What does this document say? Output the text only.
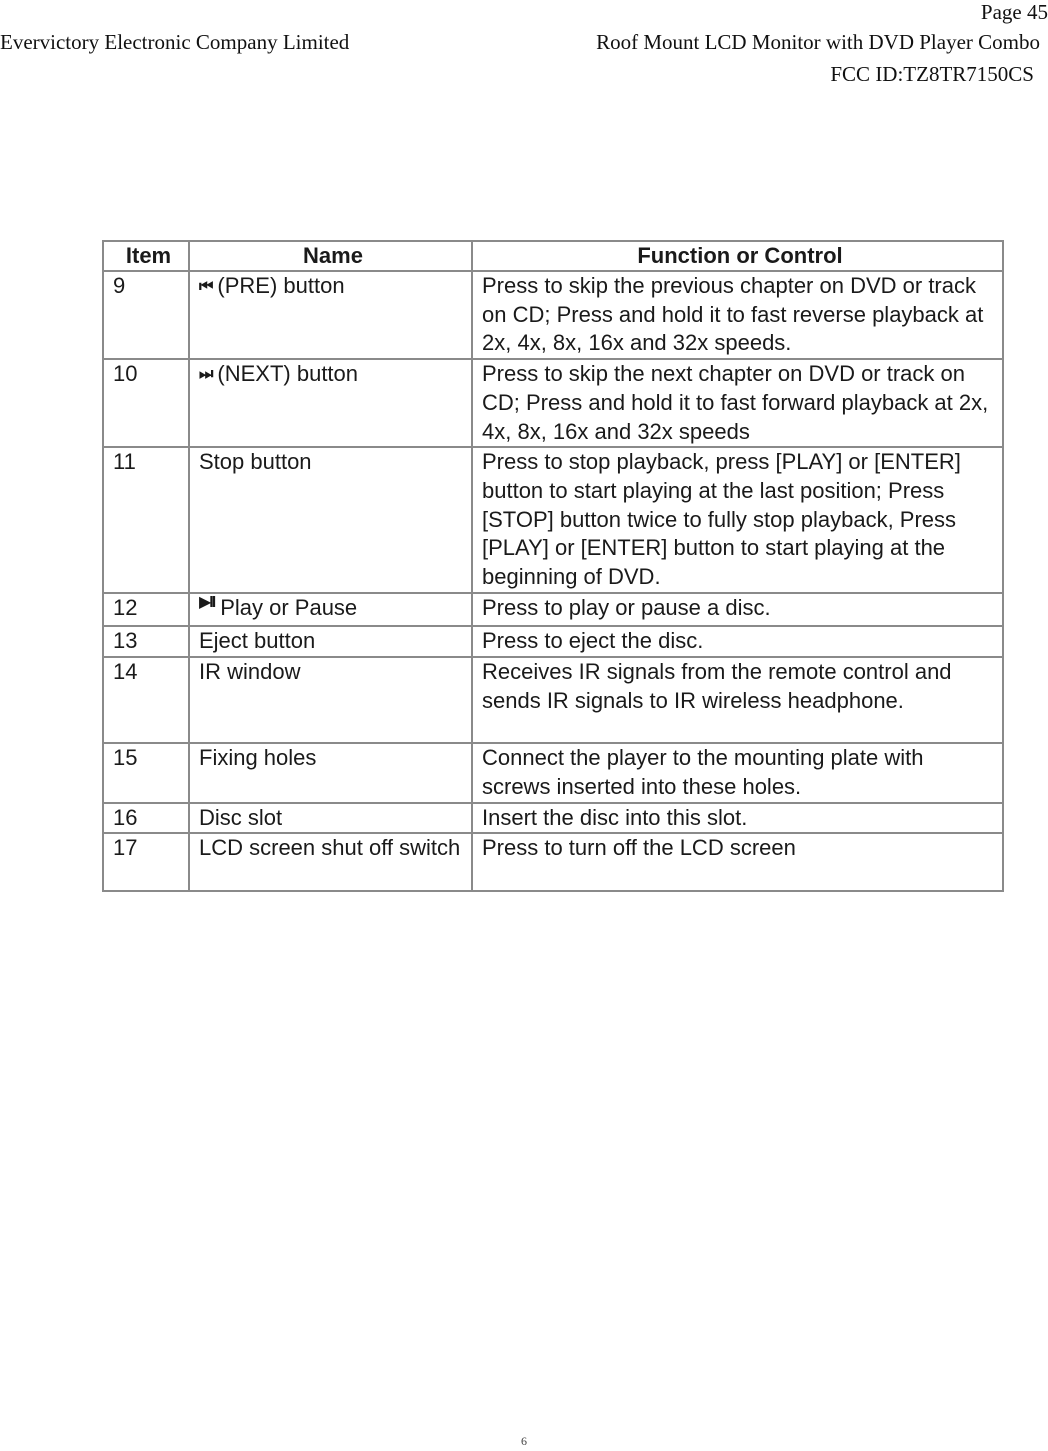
Page 45
Evervictory Electronic Company Limited	Roof Mount LCD Monitor with DVD Player Combo
FCC ID:TZ8TR7150CS
Item	Name	Function or Control
9	⏮ (PRE) button	Press to skip the previous chapter on DVD or track on CD; Press and hold it to fast reverse playback at 2x, 4x, 8x, 16x and 32x speeds.
10	⏭ (NEXT) button	Press to skip the next chapter on DVD or track on CD; Press and hold it to fast forward playback at 2x, 4x, 8x, 16x and 32x speeds
11	Stop button	Press to stop playback, press [PLAY] or [ENTER] button to start playing at the last position; Press [STOP] button twice to fully stop playback, Press [PLAY] or [ENTER] button to start playing at the beginning of DVD.
12	$^{▶II}$ Play or Pause	Press to play or pause a disc.
13	Eject button	Press to eject the disc.
14	IR window	Receives IR signals from the remote control and sends IR signals to IR wireless headphone.
15	Fixing holes	Connect the player to the mounting plate with screws inserted into these holes.
16	Disc slot	Insert the disc into this slot.
17	LCD screen shut off switch	Press to turn off the LCD screen
6
